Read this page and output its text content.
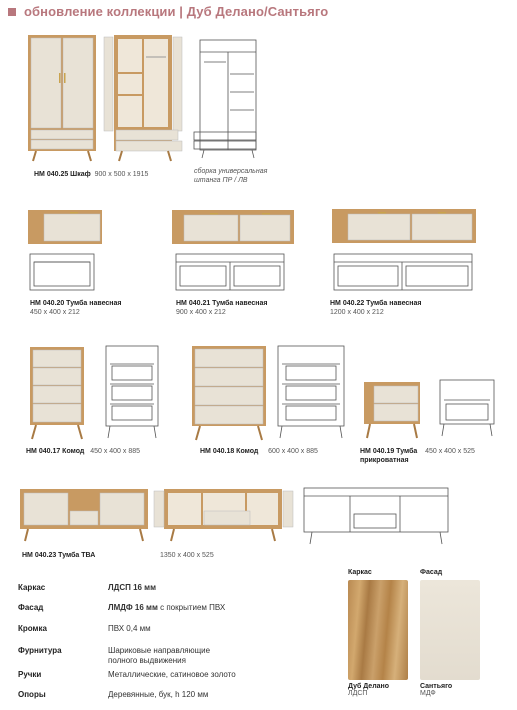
обновление коллекции | Дуб Делано/Сантьяго
НМ 040.25 Шкаф 900 x 500 x 1915	сборка универсальная
штанга ПР / ЛВ
НМ 040.20 Тумба навесная
450 x 400 x 212
НМ 040.21 Тумба навесная
900 x 400 x 212
НМ 040.22 Тумба навесная
1200 x 400 x 212
НМ 040.17 Комод 450 x 400 x 885	НМ 040.18 Комод 600 x 400 x 885	НМ 040.19 Тумба 450 x 400 x 525
прикроватная
НМ 040.23 Тумба ТВА	1350 x 400 x 525
Каркас	ЛДСП 16 мм
Фасад	ЛМДФ 16 мм с покрытием ПВХ
Кромка	ПВХ 0,4 мм
Фурнитура	Шариковые направляющие
полного выдвижения
Ручки	Металлические, сатиновое золото
Опоры	Деревянные, бук, h 120 мм
Каркас
Дуб Делано
ЛДСП
Фасад
Сантьяго
МДФ
